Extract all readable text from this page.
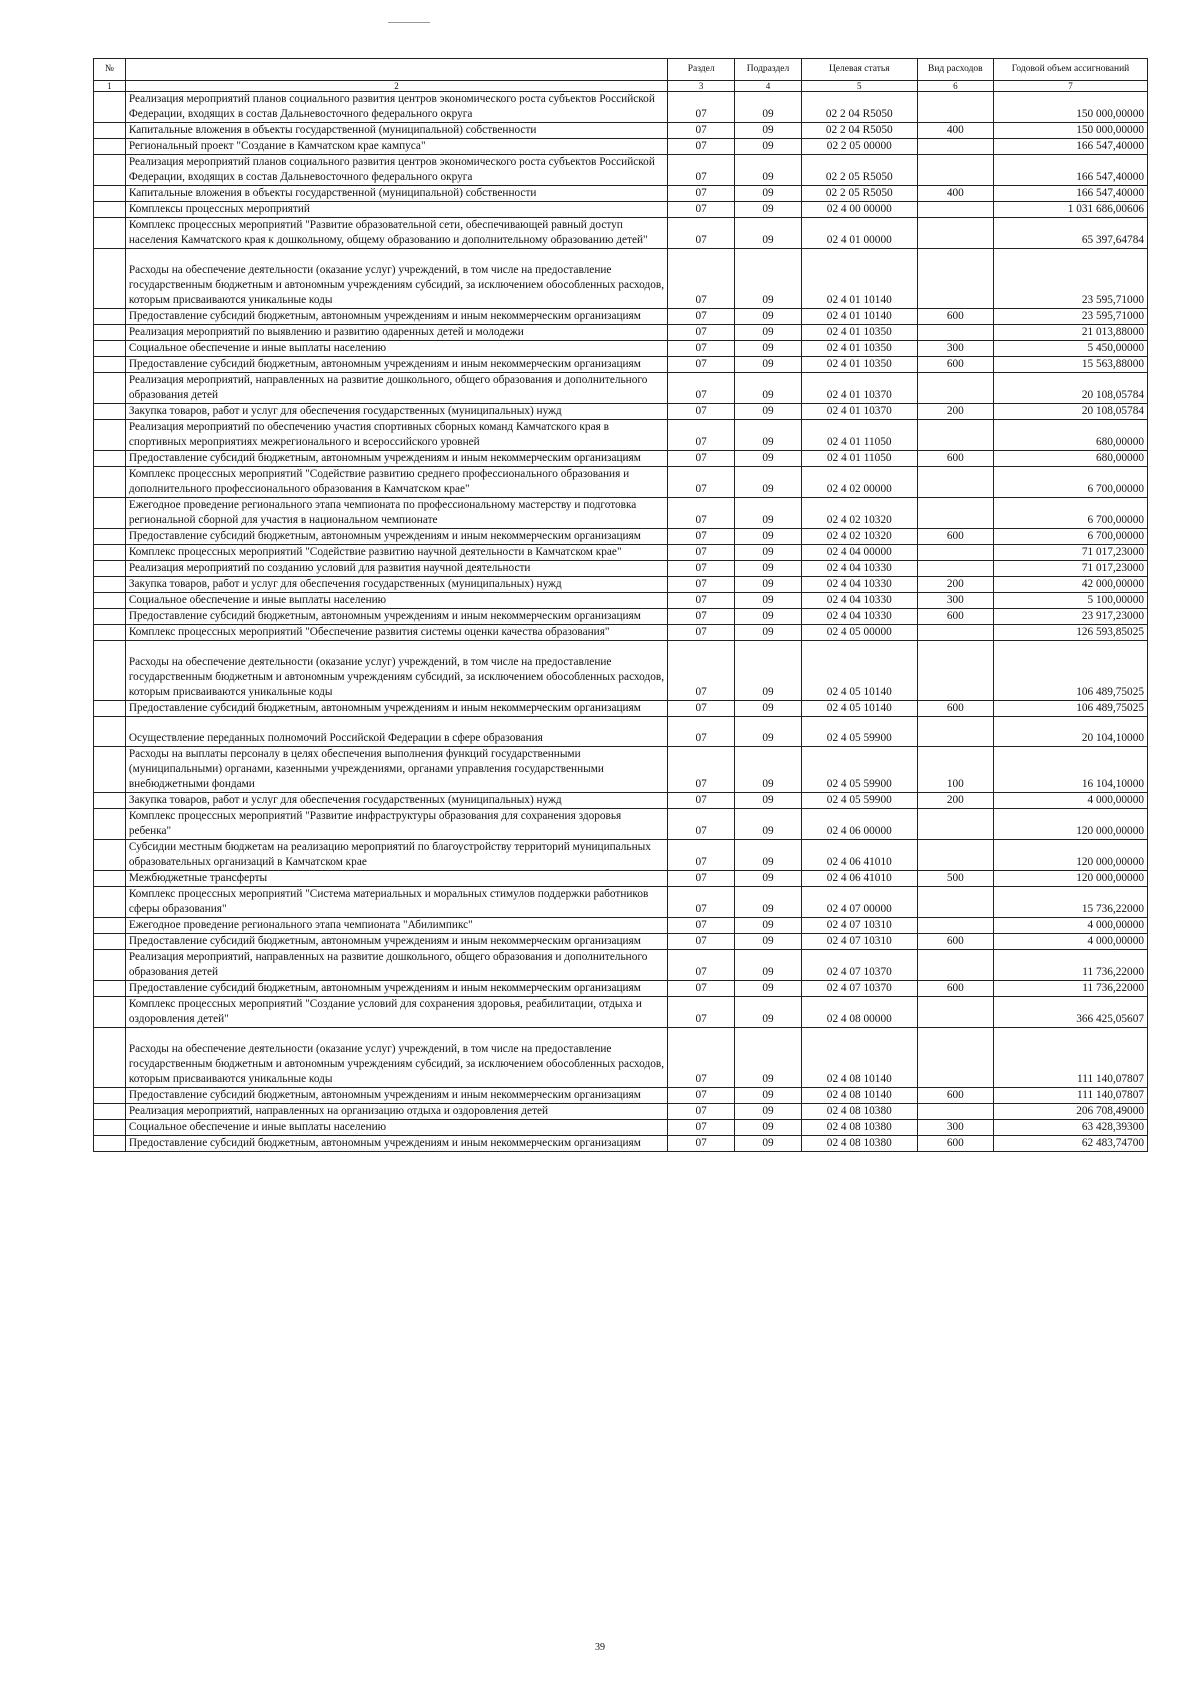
№		Раздел	Подраздел	Целевая статья	Вид расходов	Годовой объем ассигнований
1	2	3	4	5	6	7
	Реализация мероприятий планов социального развития центров экономического роста субъектов Российской Федерации, входящих в состав Дальневосточного федерального округа	07	09	02 2 04 R5050		150 000,00000
	Капитальные вложения в объекты государственной (муниципальной) собственности	07	09	02 2 04 R5050	400	150 000,00000
	Региональный проект "Создание в Камчатском крае кампуса"	07	09	02 2 05 00000		166 547,40000
	Реализация мероприятий планов социального развития центров экономического роста субъектов Российской Федерации, входящих в состав Дальневосточного федерального округа	07	09	02 2 05 R5050		166 547,40000
	Капитальные вложения в объекты государственной (муниципальной) собственности	07	09	02 2 05 R5050	400	166 547,40000
	Комплексы процессных мероприятий	07	09	02 4 00 00000		1 031 686,00606
	Комплекс процессных мероприятий "Развитие образовательной сети, обеспечивающей равный доступ населения Камчатского края к дошкольному, общему образованию и дополнительному образованию детей"	07	09	02 4 01 00000		65 397,64784
	Расходы на обеспечение деятельности (оказание услуг) учреждений, в том числе на предоставление государственным бюджетным и автономным учреждениям субсидий, за исключением обособленных расходов, которым присваиваются уникальные коды	07	09	02 4 01 10140		23 595,71000
	Предоставление субсидий бюджетным, автономным учреждениям и иным некоммерческим организациям	07	09	02 4 01 10140	600	23 595,71000
	Реализация мероприятий по выявлению и развитию одаренных детей и молодежи	07	09	02 4 01 10350		21 013,88000
	Социальное обеспечение и иные выплаты населению	07	09	02 4 01 10350	300	5 450,00000
	Предоставление субсидий бюджетным, автономным учреждениям и иным некоммерческим организациям	07	09	02 4 01 10350	600	15 563,88000
	Реализация мероприятий, направленных на развитие дошкольного, общего образования и дополнительного образования детей	07	09	02 4 01 10370		20 108,05784
	Закупка товаров, работ и услуг для обеспечения государственных (муниципальных) нужд	07	09	02 4 01 10370	200	20 108,05784
	Реализация мероприятий по обеспечению участия спортивных сборных команд Камчатского края в спортивных мероприятиях межрегионального и всероссийского уровней	07	09	02 4 01 11050		680,00000
	Предоставление субсидий бюджетным, автономным учреждениям и иным некоммерческим организациям	07	09	02 4 01 11050	600	680,00000
	Комплекс процессных мероприятий "Содействие развитию среднего профессионального образования и дополнительного профессионального образования в Камчатском крае"	07	09	02 4 02 00000		6 700,00000
	Ежегодное проведение регионального этапа чемпионата по профессиональному мастерству и подготовка региональной сборной для участия в национальном чемпионате	07	09	02 4 02 10320		6 700,00000
	Предоставление субсидий бюджетным, автономным учреждениям и иным некоммерческим организациям	07	09	02 4 02 10320	600	6 700,00000
	Комплекс процессных мероприятий "Содействие развитию научной деятельности в Камчатском крае"	07	09	02 4 04 00000		71 017,23000
	Реализация мероприятий по созданию условий для развития научной деятельности	07	09	02 4 04 10330		71 017,23000
	Закупка товаров, работ и услуг для обеспечения государственных (муниципальных) нужд	07	09	02 4 04 10330	200	42 000,00000
	Социальное обеспечение и иные выплаты населению	07	09	02 4 04 10330	300	5 100,00000
	Предоставление субсидий бюджетным, автономным учреждениям и иным некоммерческим организациям	07	09	02 4 04 10330	600	23 917,23000
	Комплекс процессных мероприятий "Обеспечение развития системы оценки качества образования"	07	09	02 4 05 00000		126 593,85025
	Расходы на обеспечение деятельности (оказание услуг) учреждений, в том числе на предоставление государственным бюджетным и автономным учреждениям субсидий, за исключением обособленных расходов, которым присваиваются уникальные коды	07	09	02 4 05 10140		106 489,75025
	Предоставление субсидий бюджетным, автономным учреждениям и иным некоммерческим организациям	07	09	02 4 05 10140	600	106 489,75025
	Осуществление переданных полномочий Российской Федерации в сфере образования	07	09	02 4 05 59900		20 104,10000
	Расходы на выплаты персоналу в целях обеспечения выполнения функций государственными (муниципальными) органами, казенными учреждениями, органами управления государственными внебюджетными фондами	07	09	02 4 05 59900	100	16 104,10000
	Закупка товаров, работ и услуг для обеспечения государственных (муниципальных) нужд	07	09	02 4 05 59900	200	4 000,00000
	Комплекс процессных мероприятий "Развитие инфраструктуры образования для сохранения здоровья ребенка"	07	09	02 4 06 00000		120 000,00000
	Субсидии местным бюджетам на реализацию мероприятий по благоустройству территорий муниципальных образовательных организаций в Камчатском крае	07	09	02 4 06 41010		120 000,00000
	Межбюджетные трансферты	07	09	02 4 06 41010	500	120 000,00000
	Комплекс процессных мероприятий "Система материальных и моральных стимулов поддержки работников сферы образования"	07	09	02 4 07 00000		15 736,22000
	Ежегодное проведение регионального этапа чемпионата "Абилимпикс"	07	09	02 4 07 10310		4 000,00000
	Предоставление субсидий бюджетным, автономным учреждениям и иным некоммерческим организациям	07	09	02 4 07 10310	600	4 000,00000
	Реализация мероприятий, направленных на развитие дошкольного, общего образования и дополнительного образования детей	07	09	02 4 07 10370		11 736,22000
	Предоставление субсидий бюджетным, автономным учреждениям и иным некоммерческим организациям	07	09	02 4 07 10370	600	11 736,22000
	Комплекс процессных мероприятий "Создание условий для сохранения здоровья, реабилитации, отдыха и оздоровления детей"	07	09	02 4 08 00000		366 425,05607
	Расходы на обеспечение деятельности (оказание услуг) учреждений, в том числе на предоставление государственным бюджетным и автономным учреждениям субсидий, за исключением обособленных расходов, которым присваиваются уникальные коды	07	09	02 4 08 10140		111 140,07807
	Предоставление субсидий бюджетным, автономным учреждениям и иным некоммерческим организациям	07	09	02 4 08 10140	600	111 140,07807
	Реализация мероприятий, направленных на организацию отдыха и оздоровления детей	07	09	02 4 08 10380		206 708,49000
	Социальное обеспечение и иные выплаты населению	07	09	02 4 08 10380	300	63 428,39300
	Предоставление субсидий бюджетным, автономным учреждениям и иным некоммерческим организациям	07	09	02 4 08 10380	600	62 483,74700
39
